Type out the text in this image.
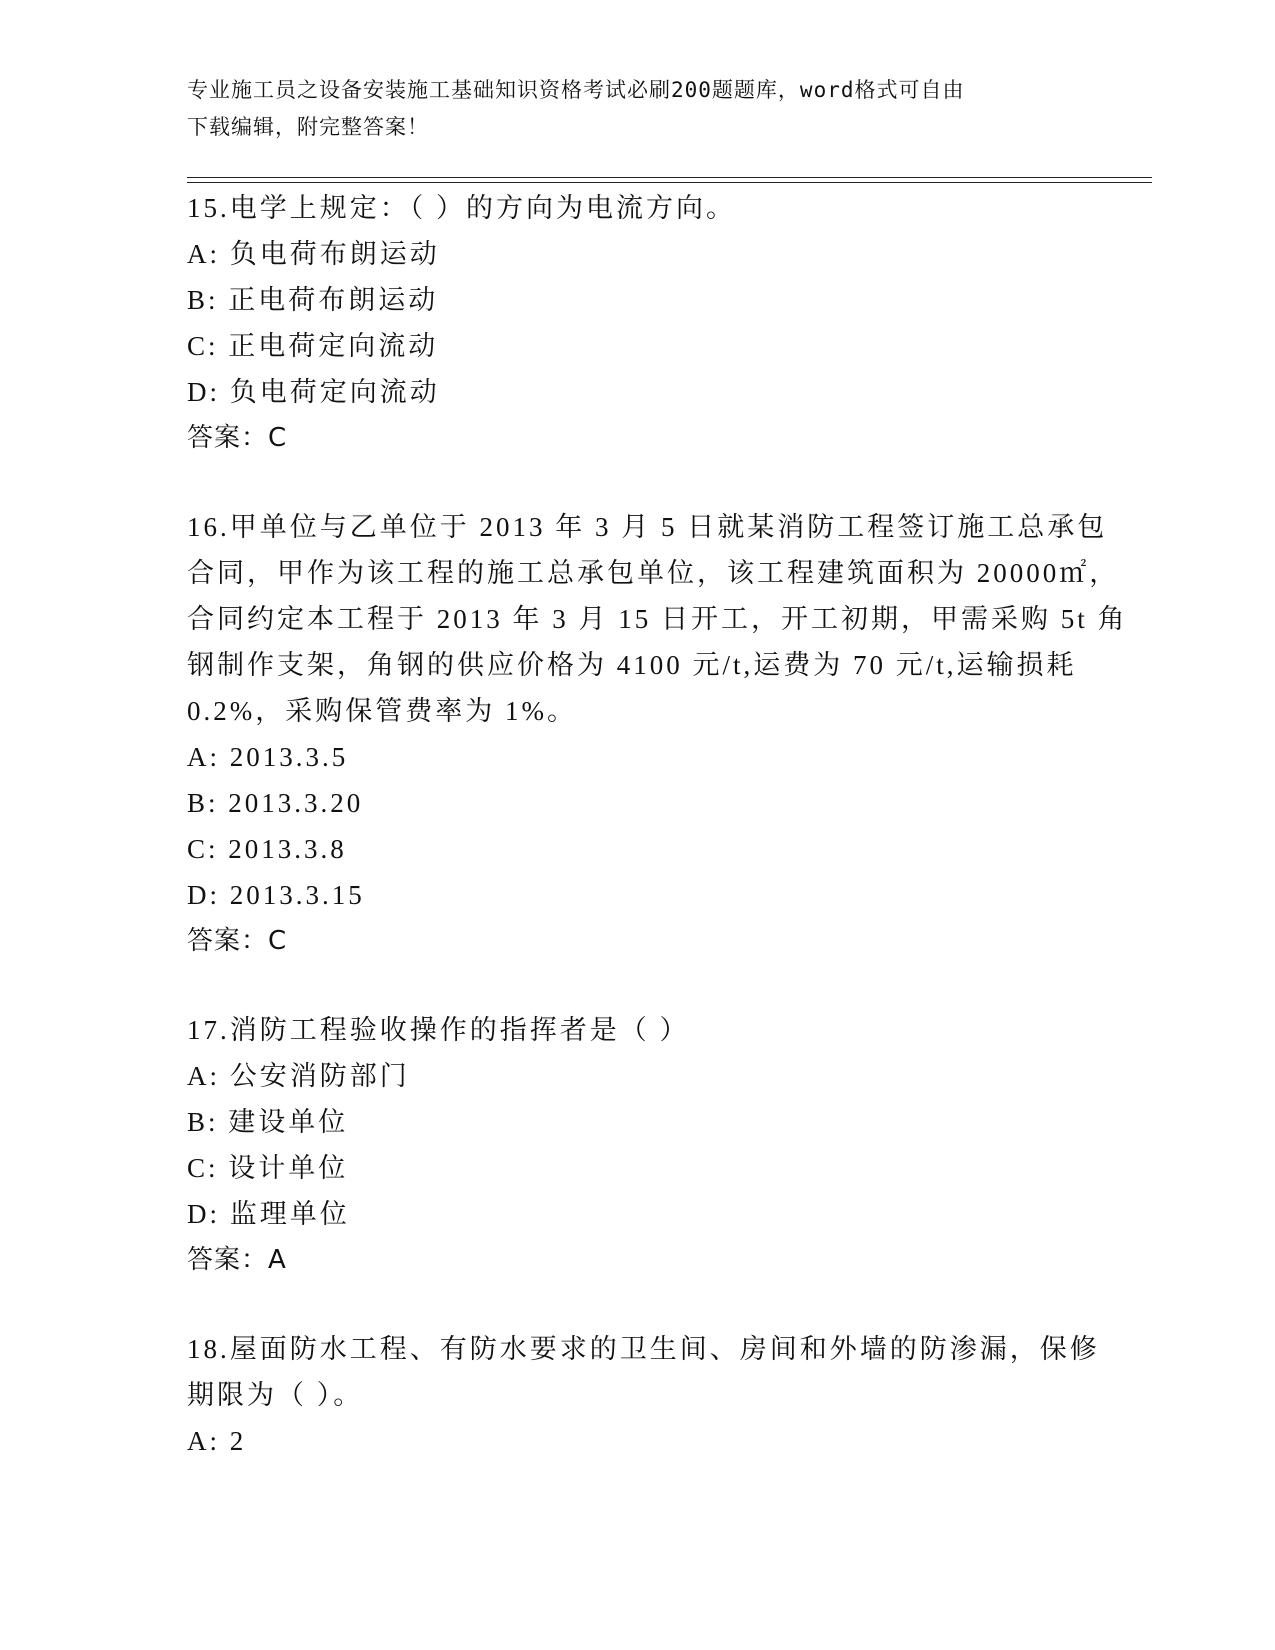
专业施工员之设备安装施工基础知识资格考试必刷200题题库，word格式可自由
下载编辑，附完整答案！
15.电学上规定：（ ）的方向为电流方向。
A: 负电荷布朗运动
B: 正电荷布朗运动
C: 正电荷定向流动
D: 负电荷定向流动
答案：C
16.甲单位与乙单位于 2013 年 3 月 5 日就某消防工程签订施工总承包
合同，甲作为该工程的施工总承包单位，该工程建筑面积为 20000㎡，
合同约定本工程于 2013 年 3 月 15 日开工，开工初期，甲需采购 5t 角
钢制作支架，角钢的供应价格为 4100 元/t,运费为 70 元/t,运输损耗
0.2%，采购保管费率为 1%。
A: 2013.3.5
B: 2013.3.20
C: 2013.3.8
D: 2013.3.15
答案：C
17.消防工程验收操作的指挥者是（ ）
A: 公安消防部门
B: 建设单位
C: 设计单位
D: 监理单位
答案：A
18.屋面防水工程、有防水要求的卫生间、房间和外墙的防渗漏，保修
期限为（ ）。
A: 2
